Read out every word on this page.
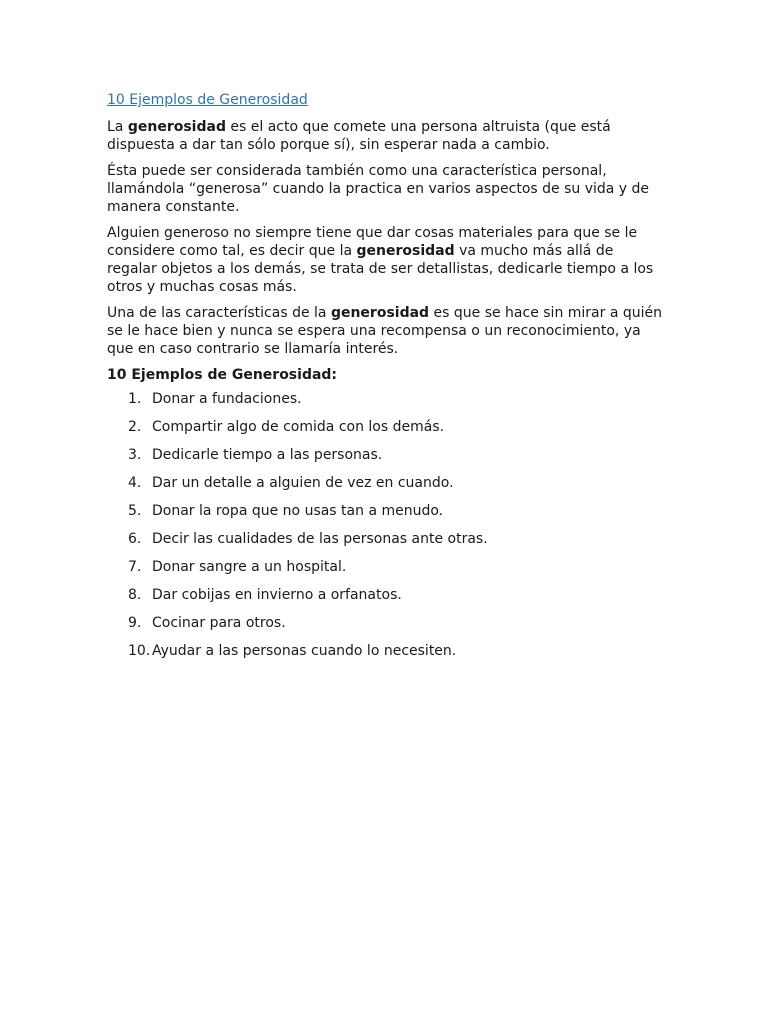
10 Ejemplos de Generosidad

La generosidad es el acto que comete una persona altruista (que está dispuesta a dar tan sólo porque sí), sin esperar nada a cambio.

Ésta puede ser considerada también como una característica personal, llamándola “generosa” cuando la practica en varios aspectos de su vida y de manera constante.

Alguien generoso no siempre tiene que dar cosas materiales para que se le considere como tal, es decir que la generosidad va mucho más allá de regalar objetos a los demás, se trata de ser detallistas, dedicarle tiempo a los otros y muchas cosas más.

Una de las características de la generosidad es que se hace sin mirar a quién se le hace bien y nunca se espera una recompensa o un reconocimiento, ya que en caso contrario se llamaría interés.

10 Ejemplos de Generosidad:
1. Donar a fundaciones.
2. Compartir algo de comida con los demás.
3. Dedicarle tiempo a las personas.
4. Dar un detalle a alguien de vez en cuando.
5. Donar la ropa que no usas tan a menudo.
6. Decir las cualidades de las personas ante otras.
7. Donar sangre a un hospital.
8. Dar cobijas en invierno a orfanatos.
9. Cocinar para otros.
10. Ayudar a las personas cuando lo necesiten.
